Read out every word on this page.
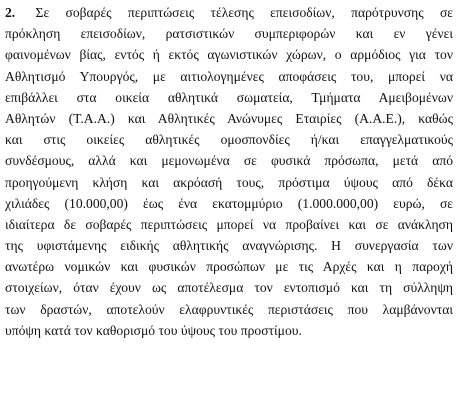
2. Σε σοβαρές περιπτώσεις τέλεσης επεισοδίων, παρότρυνσης σε
πρόκληση επεισοδίων, ρατσιστικών συμπεριφορών και εν γένει
φαινομένων βίας, εντός ή εκτός αγωνιστικών χώρων, ο αρμόδιος για τον
Αθλητισμό Υπουργός, με αιτιολογημένες αποφάσεις του, μπορεί να
επιβάλλει στα οικεία αθλητικά σωματεία, Τμήματα Αμειβομένων
Αθλητών (Τ.Α.Α.) και Αθλητικές Ανώνυμες Εταιρίες (Α.Α.Ε.), καθώς
και στις οικείες αθλητικές ομοσπονδίες ή/και επαγγελματικούς
συνδέσμους, αλλά και μεμονωμένα σε φυσικά πρόσωπα, μετά από
προηγούμενη κλήση και ακρόασή τους, πρόστιμα ύψους από δέκα
χιλιάδες (10.000,00) έως ένα εκατομμύριο (1.000.000,00) ευρώ, σε
ιδιαίτερα δε σοβαρές περιπτώσεις μπορεί να προβαίνει και σε ανάκληση
της υφιστάμενης ειδικής αθλητικής αναγνώρισης. Η συνεργασία των
ανωτέρω νομικών και φυσικών προσώπων με τις Αρχές και η παροχή
στοιχείων, όταν έχουν ως αποτέλεσμα τον εντοπισμό και τη σύλληψη
των δραστών, αποτελούν ελαφρυντικές περιστάσεις που λαμβάνονται
υπόψη κατά τον καθορισμό του ύψους του προστίμου.
